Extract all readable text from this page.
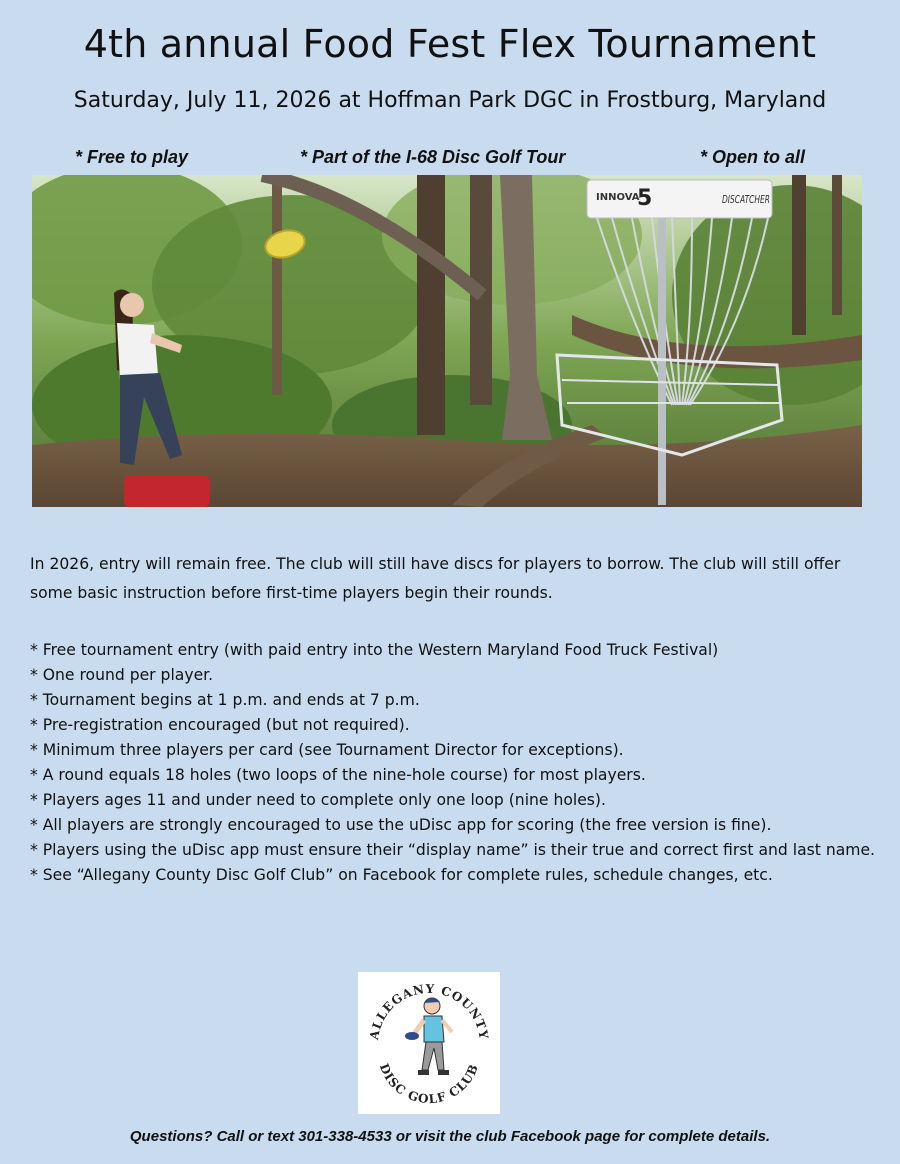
4th annual Food Fest Flex Tournament

Saturday, July 11, 2026 at Hoffman Park DGC in Frostburg, Maryland

* Free to play	* Part of the I-68 Disc Golf Tour	* Open to all
INNOVA
5	DISCATCHER

In 2026, entry will remain free. The club will still have discs for players to borrow. The club will still offer some basic instruction before first-time players begin their rounds.

* Free tournament entry (with paid entry into the Western Maryland Food Truck Festival)
* One round per player.
* Tournament begins at 1 p.m. and ends at 7 p.m.
* Pre-registration encouraged (but not required).
* Minimum three players per card (see Tournament Director for exceptions).
* A round equals 18 holes (two loops of the nine-hole course) for most players.
* Players ages 11 and under need to complete only one loop (nine holes).
* All players are strongly encouraged to use the uDisc app for scoring (the free version is fine).
* Players using the uDisc app must ensure their “display name” is their true and correct first and last name.
* See “Allegany County Disc Golf Club” on Facebook for complete rules, schedule changes, etc.
ALLEGANY COUNTY
DISC GOLF CLUB
Questions? Call or text 301-338-4533 or visit the club Facebook page for complete details.
